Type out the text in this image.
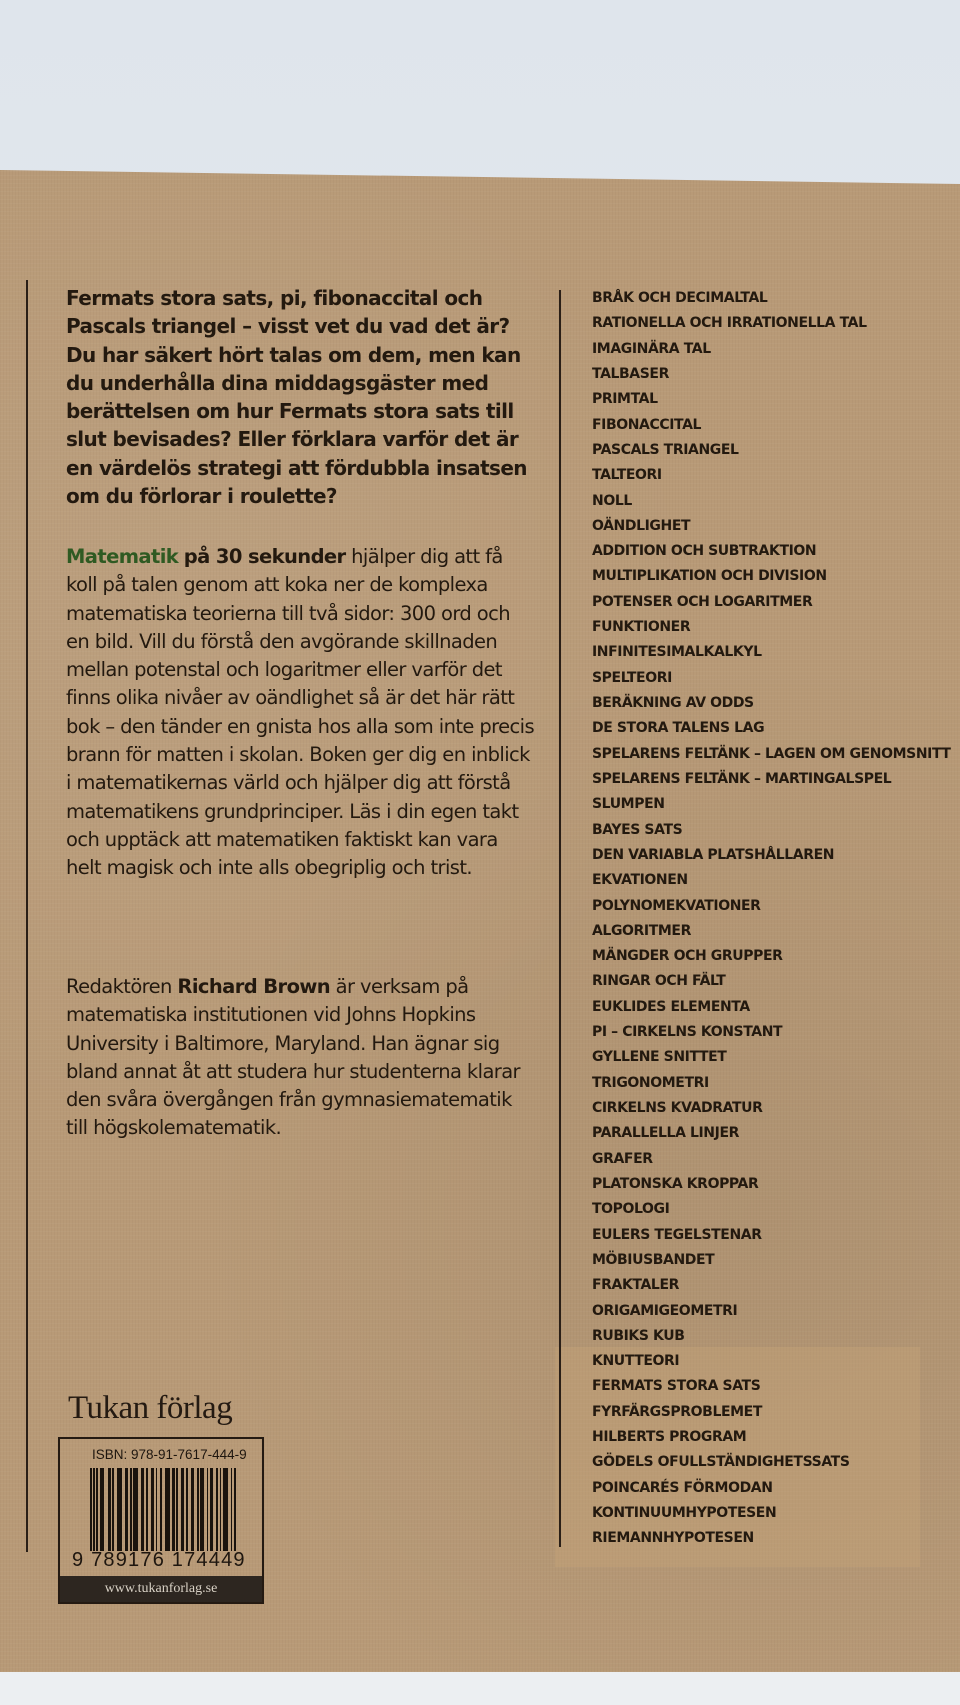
Fermats stora sats, pi, fibonaccital och Pascals triangel – visst vet du vad det är? Du har säkert hört talas om dem, men kan du underhålla dina middagsgäster med berättelsen om hur Fermats stora sats till slut bevisades? Eller förklara varför det är en värdelös strategi att fördubbla insatsen om du förlorar i roulette?

Matematik på 30 sekunder hjälper dig att få koll på talen genom att koka ner de komplexa matematiska teorierna till två sidor: 300 ord och en bild. Vill du förstå den avgörande skillnaden mellan potenstal och logaritmer eller varför det finns olika nivåer av oändlighet så är det här rätt bok – den tänder en gnista hos alla som inte precis brann för matten i skolan. Boken ger dig en inblick i matematikernas värld och hjälper dig att förstå matematikens grundprinciper. Läs i din egen takt och upptäck att matematiken faktiskt kan vara helt magisk och inte alls obegriplig och trist.

Redaktören Richard Brown är verksam på matematiska institutionen vid Johns Hopkins University i Baltimore, Maryland. Han ägnar sig bland annat åt att studera hur studenterna klarar den svåra övergången från gymnasiematematik till högskolematematik.

BRÅK OCH DECIMALTAL
RATIONELLA OCH IRRATIONELLA TAL
IMAGINÄRA TAL
TALBASER
PRIMTAL
FIBONACCITAL
PASCALS TRIANGEL
TALTEORI
NOLL
OÄNDLIGHET
ADDITION OCH SUBTRAKTION
MULTIPLIKATION OCH DIVISION
POTENSER OCH LOGARITMER
FUNKTIONER
INFINITESIMALKALKYL
SPELTEORI
BERÄKNING AV ODDS
DE STORA TALENS LAG
SPELARENS FELTÄNK – LAGEN OM GENOMSNITT
SPELARENS FELTÄNK – MARTINGALSPEL
SLUMPEN
BAYES SATS
DEN VARIABLA PLATSHÅLLAREN
EKVATIONEN
POLYNOMEKVATIONER
ALGORITMER
MÄNGDER OCH GRUPPER
RINGAR OCH FÄLT
EUKLIDES ELEMENTA
PI – CIRKELNS KONSTANT
GYLLENE SNITTET
TRIGONOMETRI
CIRKELNS KVADRATUR
PARALLELLA LINJER
GRAFER
PLATONSKA KROPPAR
TOPOLOGI
EULERS TEGELSTENAR
MÖBIUSBANDET
FRAKTALER
ORIGAMIGEOMETRI
RUBIKS KUB
KNUTTEORI
FERMATS STORA SATS
FYRFÄRGSPROBLEMET
HILBERTS PROGRAM
GÖDELS OFULLSTÄNDIGHETSSATS
POINCARÉS FÖRMODAN
KONTINUUMHYPOTESEN
RIEMANNHYPOTESEN
Tukan förlag
ISBN: 978-91-7617-444-9
9 789176 174449
www.tukanforlag.se
